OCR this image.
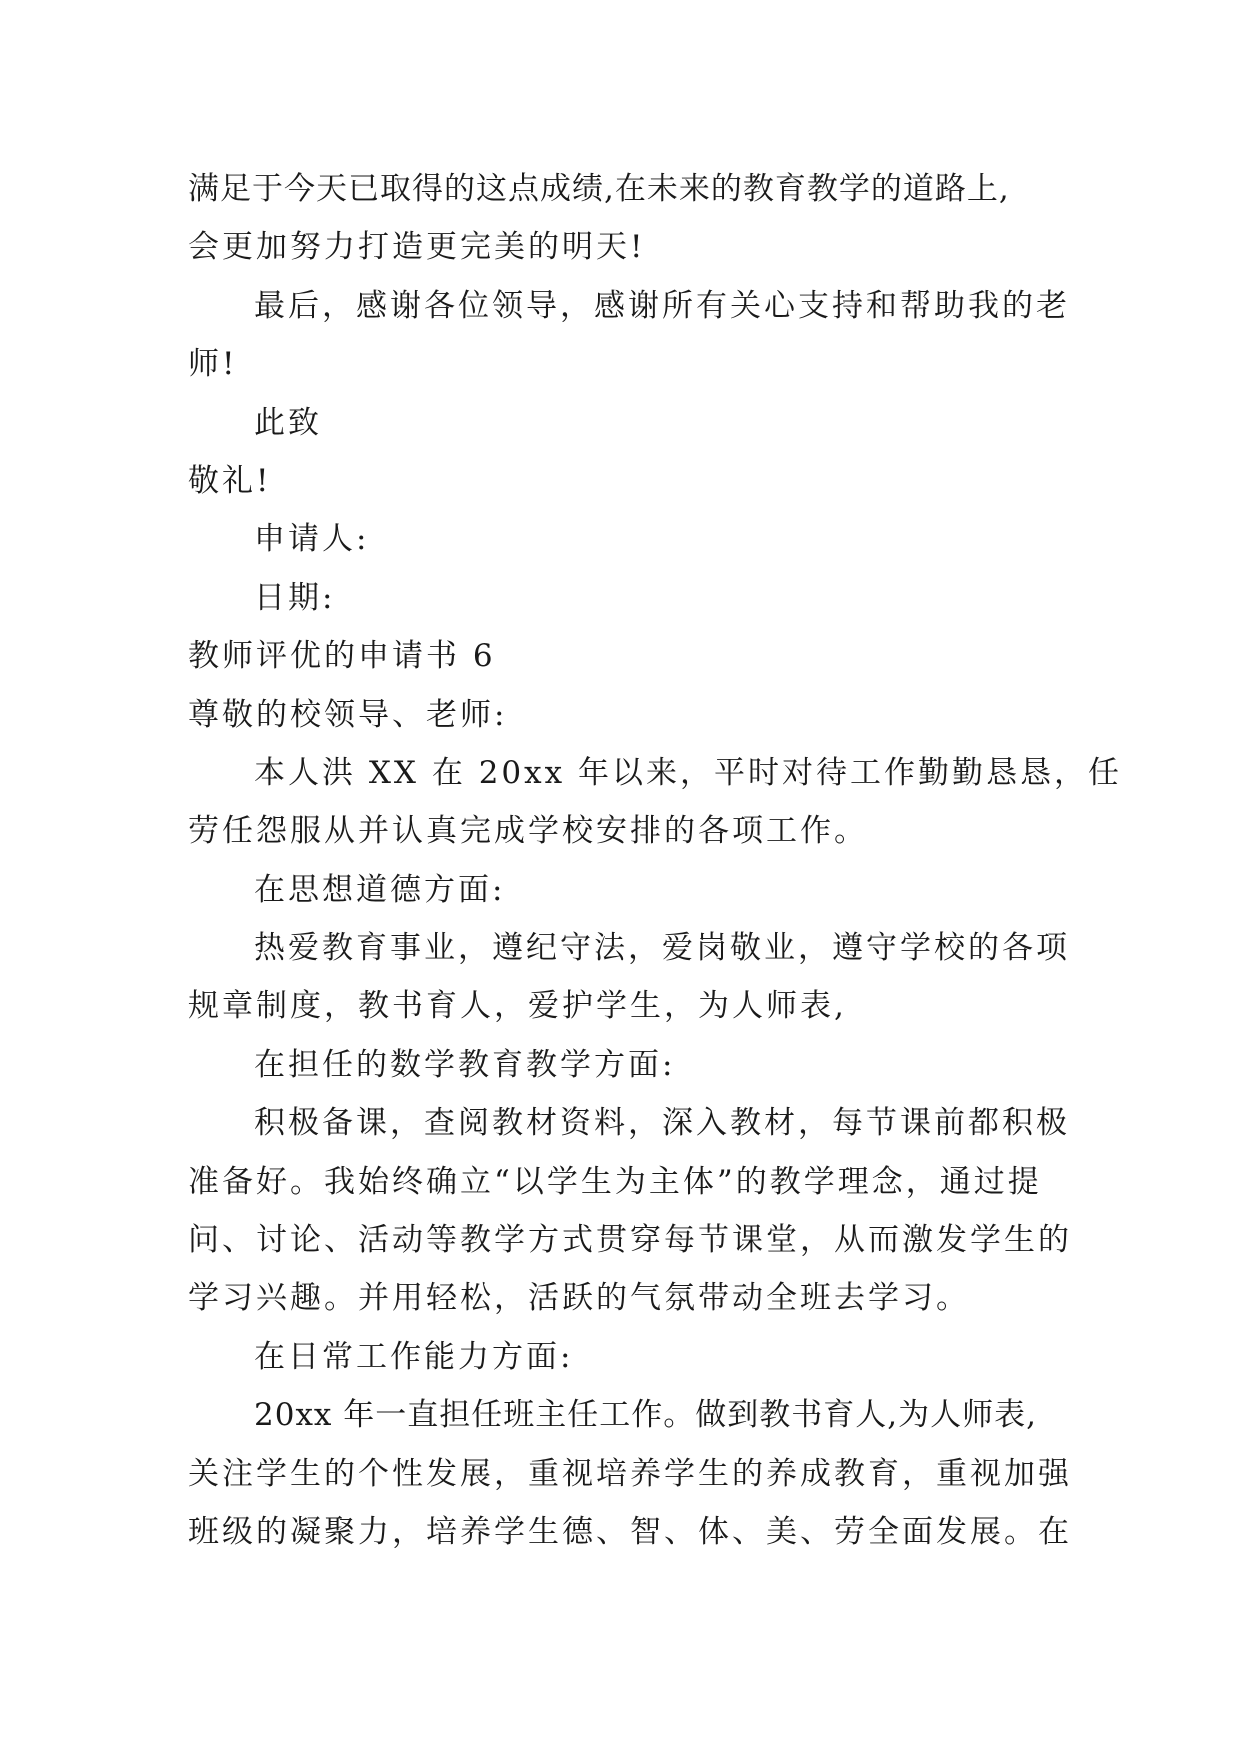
满足于今天已取得的这点成绩,在未来的教育教学的道路上,
会更加努力打造更完美的明天!
最后，感谢各位领导，感谢所有关心支持和帮助我的老
师!
此致
敬礼!
申请人:
日期:
教师评优的申请书 6
尊敬的校领导、老师:
本人洪 XX 在 20xx 年以来，平时对待工作勤勤恳恳，任
劳任怨服从并认真完成学校安排的各项工作。
在思想道德方面:
热爱教育事业，遵纪守法，爱岗敬业，遵守学校的各项
规章制度，教书育人，爱护学生，为人师表,
在担任的数学教育教学方面:
积极备课，查阅教材资料，深入教材，每节课前都积极
准备好。我始终确立“以学生为主体”的教学理念，通过提
问、讨论、活动等教学方式贯穿每节课堂，从而激发学生的
学习兴趣。并用轻松，活跃的气氛带动全班去学习。
在日常工作能力方面:
20xx 年一直担任班主任工作。做到教书育人,为人师表,
关注学生的个性发展，重视培养学生的养成教育，重视加强
班级的凝聚力，培养学生德、智、体、美、劳全面发展。在
